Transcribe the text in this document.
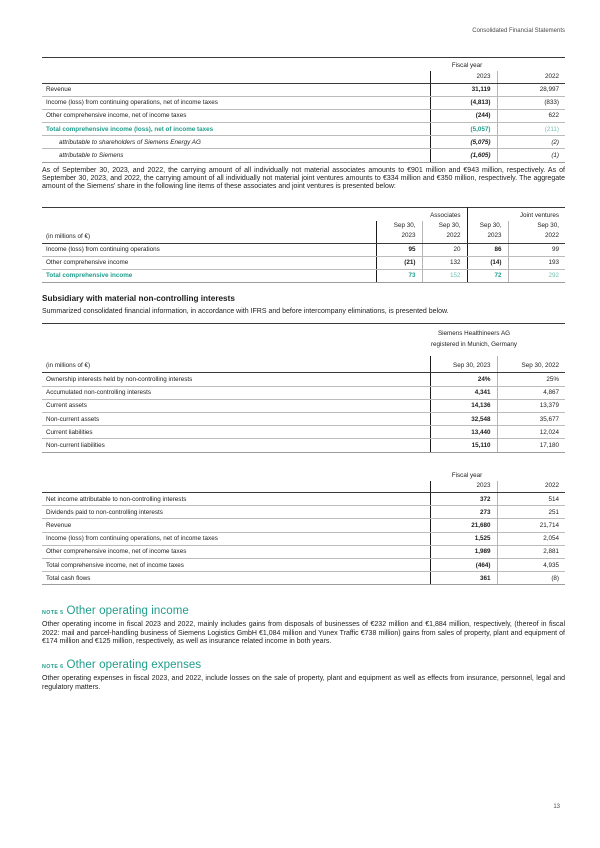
Consolidated Financial Statements
	Fiscal year	
	2023	2022
Revenue	31,119	28,997
Income (loss) from continuing operations, net of income taxes	(4,813)	(833)
Other comprehensive income, net of income taxes	(244)	622
Total comprehensive income (loss), net of income taxes	(5,057)	(211)
attributable to shareholders of Siemens Energy AG	(5,075)	(2)
attributable to Siemens	(1,605)	(1)

As of September 30, 2023, and 2022, the carrying amount of all individually not material associates amounts to €901 million and €943 million, respectively. As of September 30, 2023, and 2022, the carrying amount of all individually not material joint ventures amounts to €334 million and €350 million, respectively. The aggregate amount of the Siemens' share in the following line items of these associates and joint ventures is presented below:

	Associates		Joint ventures	
	Sep 30,	Sep 30,	Sep 30,	Sep 30,
(in millions of €)	2023	2022	2023	2022
Income (loss) from continuing operations	95	20	86	99
Other comprehensive income	(21)	132	(14)	193
Total comprehensive income	73	152	72	292
Subsidiary with material non-controlling interests

Summarized consolidated financial information, in accordance with IFRS and before intercompany eliminations, is presented below.

Siemens Healthineers AG
registered in Munich, Germany
(in millions of €)	Sep 30, 2023	Sep 30, 2022
Ownership interests held by non-controlling interests	24%	25%
Accumulated non-controlling interests	4,341	4,867
Current assets	14,136	13,379
Non-current assets	32,548	35,677
Current liabilities	13,440	12,024
Non-current liabilities	15,110	17,180
	Fiscal year	
	2023	2022
Net income attributable to non-controlling interests	372	514
Dividends paid to non-controlling interests	273	251
Revenue	21,680	21,714
Income (loss) from continuing operations, net of income taxes	1,525	2,054
Other comprehensive income, net of income taxes	1,989	2,881
Total comprehensive income, net of income taxes	(464)	4,935
Total cash flows	361	(8)
NOTE 5 Other operating income

Other operating income in fiscal 2023 and 2022, mainly includes gains from disposals of businesses of €232 million and €1,884 million, respectively, (thereof in fiscal 2022: mail and parcel-handling business of Siemens Logistics GmbH €1,084 million and Yunex Traffic €738 million) gains from sales of property, plant and equipment of €174 million and €125 million, respectively, as well as insurance related income in both years.

NOTE 6 Other operating expenses

Other operating expenses in fiscal 2023, and 2022, include losses on the sale of property, plant and equipment as well as effects from insurance, personnel, legal and regulatory matters.

13
